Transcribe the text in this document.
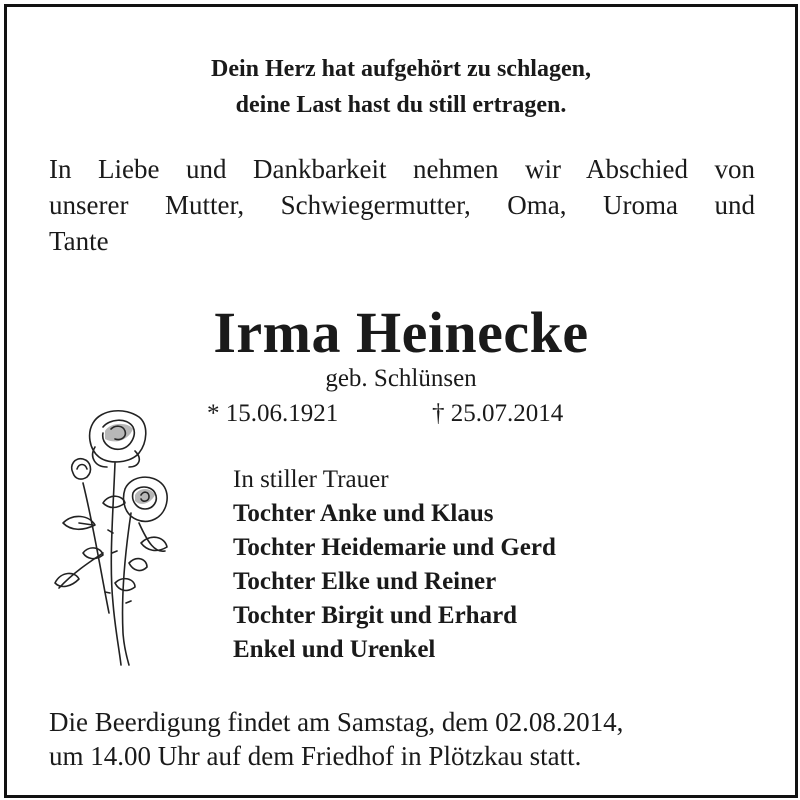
Dein Herz hat aufgehört zu schlagen,
deine Last hast du still ertragen.
In Liebe und Dankbarkeit nehmen wir Abschied von
unserer Mutter, Schwiegermutter, Oma, Uroma und
Tante
Irma Heinecke
geb. Schlünsen
* 15.06.1921	† 25.07.2014
In stiller Trauer
Tochter Anke und Klaus
Tochter Heidemarie und Gerd
Tochter Elke und Reiner
Tochter Birgit und Erhard
Enkel und Urenkel
Die Beerdigung findet am Samstag, dem 02.08.2014,
um 14.00 Uhr auf dem Friedhof in Plötzkau statt.
